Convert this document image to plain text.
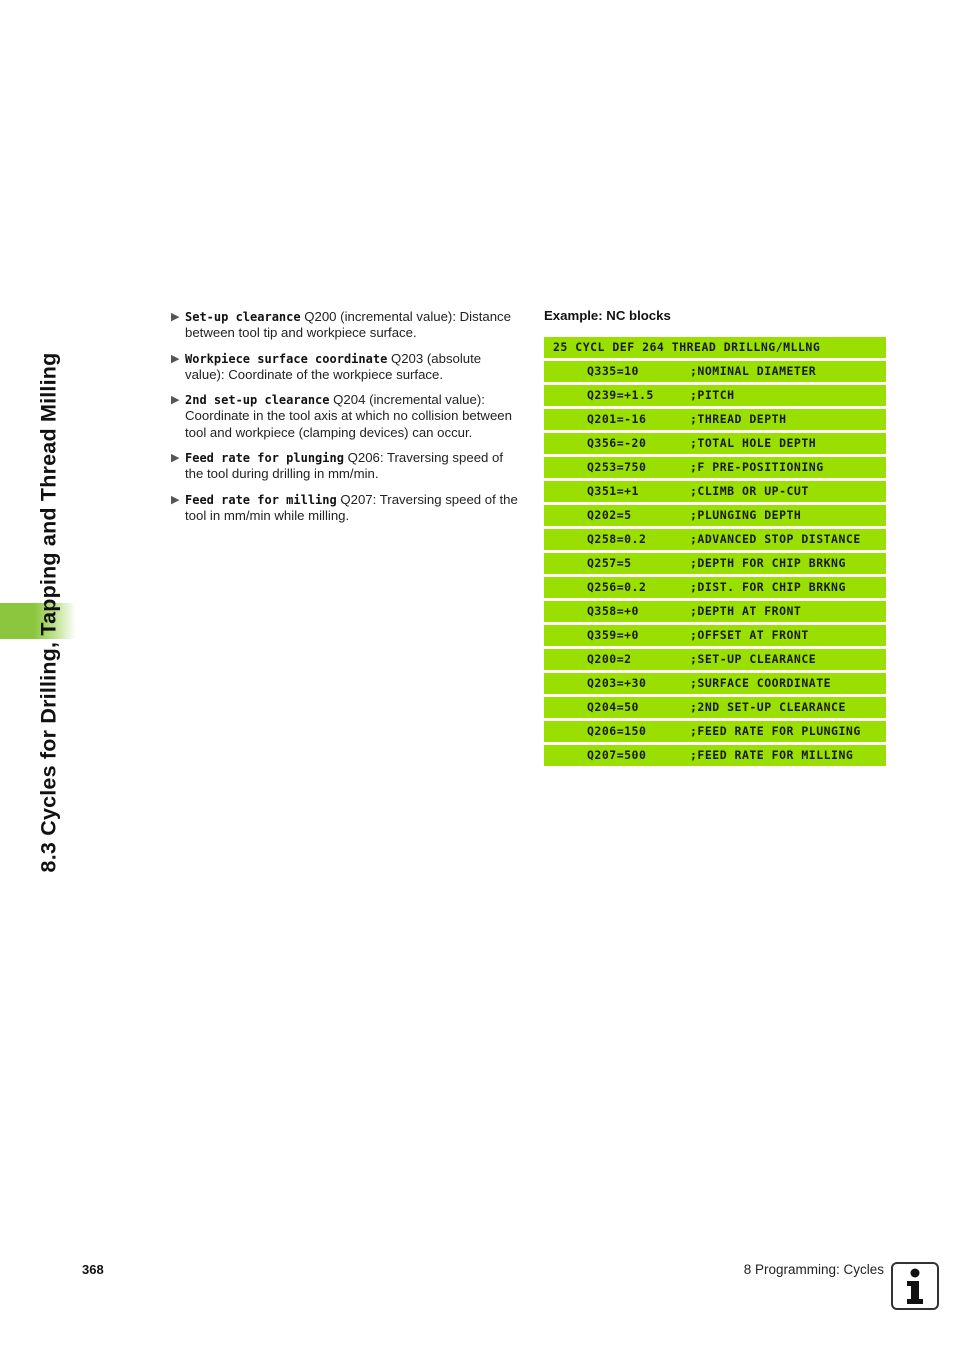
8.3 Cycles for Drilling, Tapping and Thread Milling
▶ Set-up clearance Q200 (incremental value): Distance between tool tip and workpiece surface.
▶ Workpiece surface coordinate Q203 (absolute value): Coordinate of the workpiece surface.
▶ 2nd set-up clearance Q204 (incremental value): Coordinate in the tool axis at which no collision between tool and workpiece (clamping devices) can occur.
▶ Feed rate for plunging Q206: Traversing speed of the tool during drilling in mm/min.
▶ Feed rate for milling Q207: Traversing speed of the tool in mm/min while milling.
Example: NC blocks
25 CYCL DEF 264 THREAD DRILLNG/MLLNG
Q335=10	;NOMINAL DIAMETER
Q239=+1.5	;PITCH
Q201=-16	;THREAD DEPTH
Q356=-20	;TOTAL HOLE DEPTH
Q253=750	;F PRE-POSITIONING
Q351=+1	;CLIMB OR UP-CUT
Q202=5	;PLUNGING DEPTH
Q258=0.2	;ADVANCED STOP DISTANCE
Q257=5	;DEPTH FOR CHIP BRKNG
Q256=0.2	;DIST. FOR CHIP BRKNG
Q358=+0	;DEPTH AT FRONT
Q359=+0	;OFFSET AT FRONT
Q200=2	;SET-UP CLEARANCE
Q203=+30	;SURFACE COORDINATE
Q204=50	;2ND SET-UP CLEARANCE
Q206=150	;FEED RATE FOR PLUNGING
Q207=500	;FEED RATE FOR MILLING
368	8 Programming: Cycles
